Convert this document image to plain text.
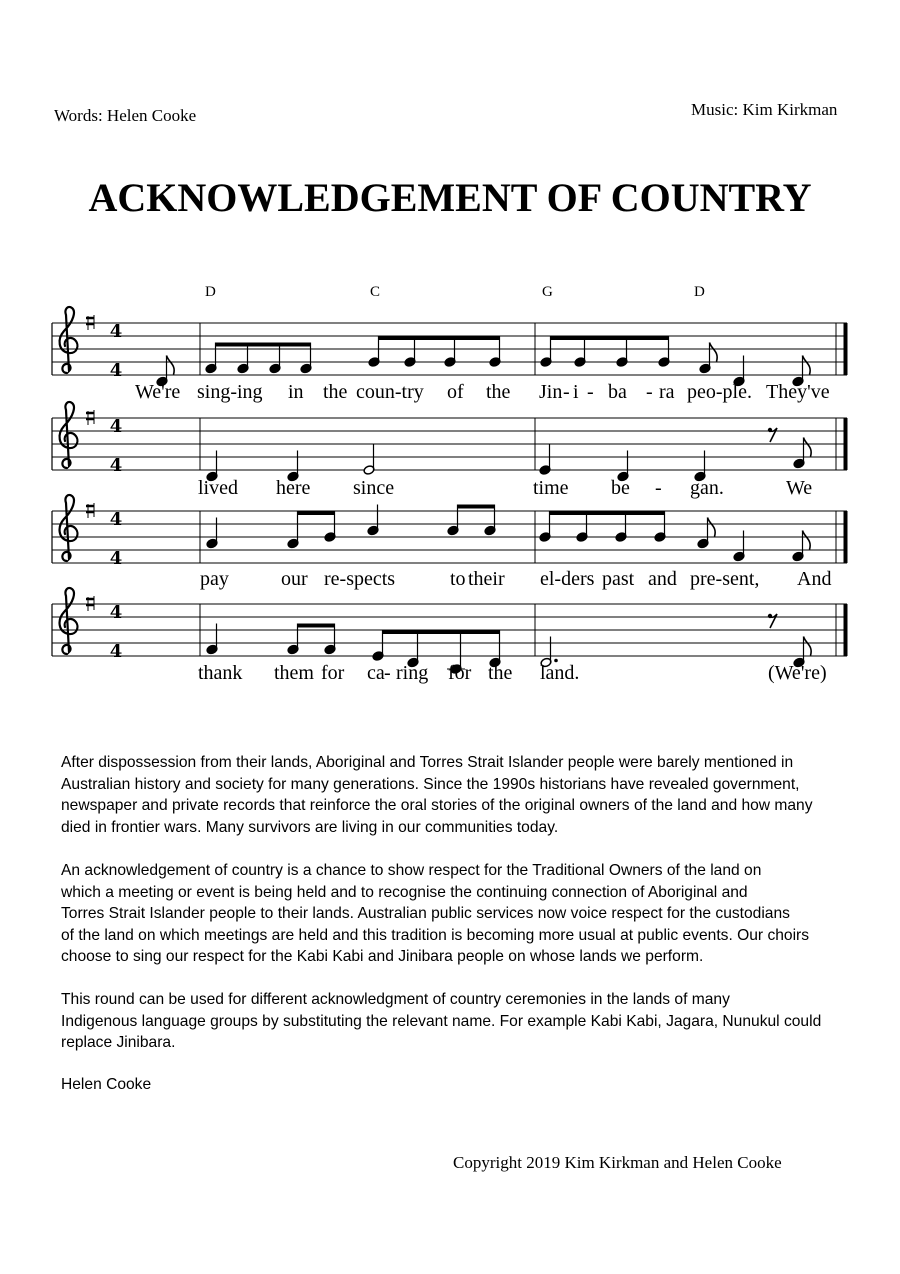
Words: Helen Cooke	Music: Kim Kirkman
ACKNOWLEDGEMENT OF COUNTRY
D	C	G	D
4
4
We're sing-ing in the coun-try of the Jin - i - ba - ra peo-ple. They've
4
4
lived here since	time be - gan.	We
4
4
pay	our re-spects	to their el-ders past and pre-sent, And
4
4
thank them for ca - ring for the land.	(We're)
After dispossession from their lands, Aboriginal and Torres Strait Islander people were barely mentioned in
Australian history and society for many generations. Since the 1990s historians have revealed government,
newspaper and private records that reinforce the oral stories of the original owners of the land and how many
died in frontier wars. Many survivors are living in our communities today.
An acknowledgement of country is a chance to show respect for the Traditional Owners of the land on
which a meeting or event is being held and to recognise the continuing connection of Aboriginal and
Torres Strait Islander people to their lands. Australian public services now voice respect for the custodians
of the land on which meetings are held and this tradition is becoming more usual at public events. Our choirs
choose to sing our respect for the Kabi Kabi and Jinibara people on whose lands we perform.
This round can be used for different acknowledgment of country ceremonies in the lands of many
Indigenous language groups by substituting the relevant name. For example Kabi Kabi, Jagara, Nunukul could
replace Jinibara.
Helen Cooke
Copyright 2019 Kim Kirkman and Helen Cooke
